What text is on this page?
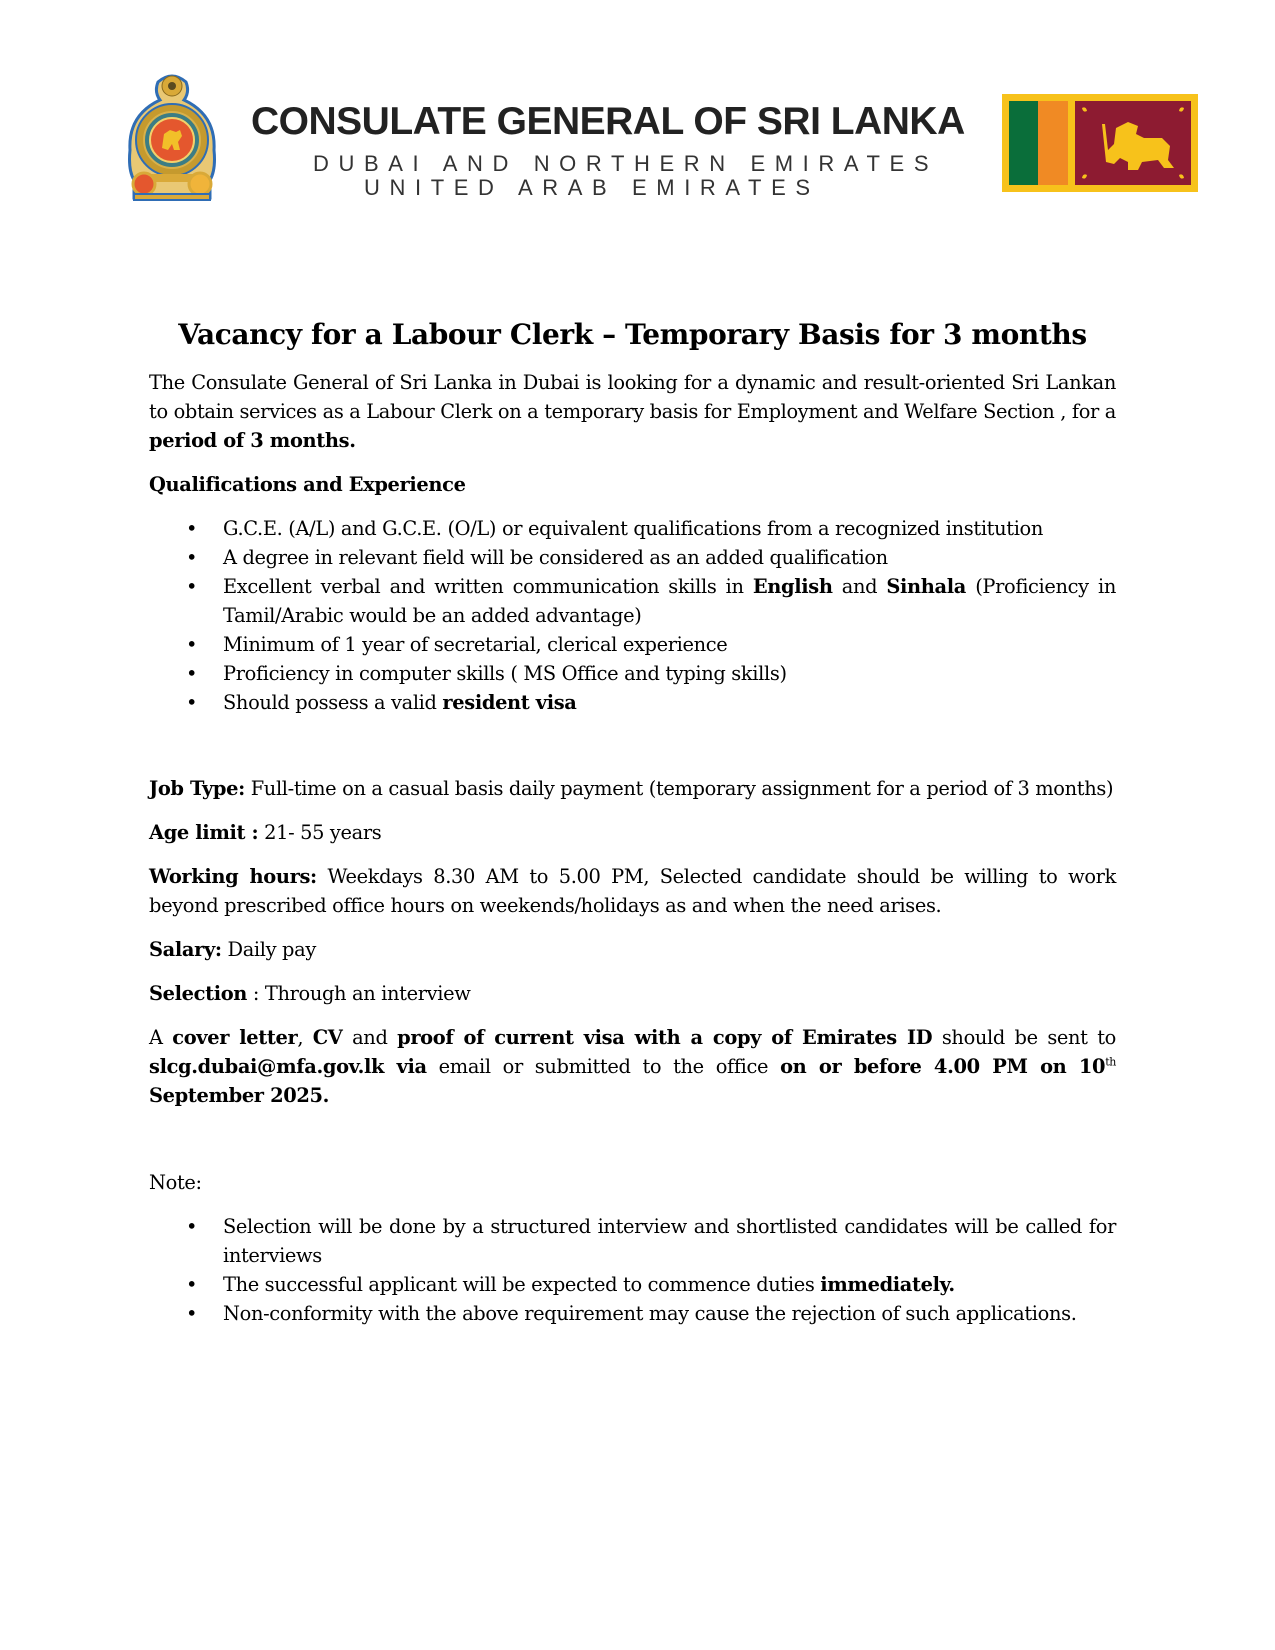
CONSULATE GENERAL OF SRI LANKA
DUBAI AND NORTHERN EMIRATES
UNITED ARAB EMIRATES
Vacancy for a Labour Clerk – Temporary Basis for 3 months

The Consulate General of Sri Lanka in Dubai is looking for a dynamic and result-oriented Sri Lankan to obtain services as a Labour Clerk on a temporary basis for Employment and Welfare Section , for a period of 3 months.

Qualifications and Experience

• G.C.E. (A/L) and G.C.E. (O/L) or equivalent qualifications from a recognized institution
• A degree in relevant field will be considered as an added qualification
• Excellent verbal and written communication skills in English and Sinhala (Proficiency in Tamil/Arabic would be an added advantage)
• Minimum of 1 year of secretarial, clerical experience
• Proficiency in computer skills ( MS Office and typing skills)
• Should possess a valid resident visa

Job Type: Full-time on a casual basis daily payment (temporary assignment for a period of 3 months)

Age limit : 21- 55 years

Working hours: Weekdays 8.30 AM to 5.00 PM, Selected candidate should be willing to work beyond prescribed office hours on weekends/holidays as and when the need arises.

Salary: Daily pay

Selection : Through an interview

A cover letter, CV and proof of current visa with a copy of Emirates ID should be sent to slcg.dubai@mfa.gov.lk via email or submitted to the office on or before 4.00 PM on 10th September 2025.

Note:

• Selection will be done by a structured interview and shortlisted candidates will be called for interviews
• The successful applicant will be expected to commence duties immediately.
• Non-conformity with the above requirement may cause the rejection of such applications.
